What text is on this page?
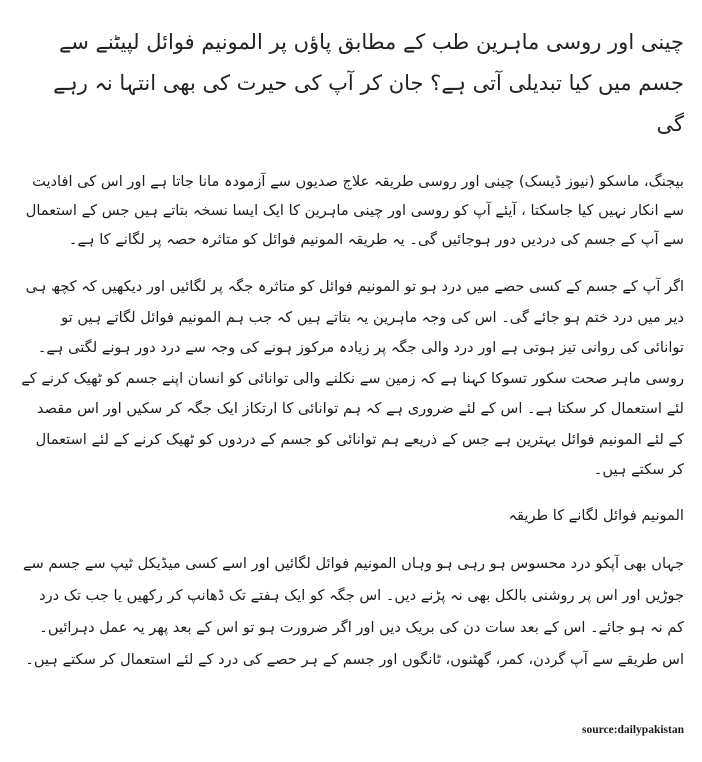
چینی اور روسی ماہرین طب کے مطابق پاؤں پر المونیم فوائل لپیٹنے سے جسم میں کیا تبدیلی آتی ہے؟ جان کر آپ کی حیرت کی بھی انتہا نہ رہے گی

بیجنگ، ماسکو (نیوز ڈیسک) چینی اور روسی طریقہ علاج صدیوں سے آزمودہ مانا جاتا ہے اور اس کی افادیت سے انکار نہیں کیا جاسکتا ، آیئے آپ کو روسی اور چینی ماہرین کا ایک ایسا نسخہ بتاتے ہیں جس کے استعمال سے آپ کے جسم کی دردیں دور ہوجائیں گی۔ یہ طریقہ المونیم فوائل کو متاثرہ حصہ پر لگانے کا ہے۔

اگر آپ کے جسم کے کسی حصے میں درد ہو تو المونیم فوائل کو متاثرہ جگہ پر لگائیں اور دیکھیں کہ کچھ ہی دیر میں درد ختم ہو جائے گی۔ اس کی وجہ ماہرین یہ بتاتے ہیں کہ جب ہم المونیم فوائل لگاتے ہیں تو توانائی کی روانی تیز ہوتی ہے اور درد والی جگہ پر زیادہ مرکوز ہونے کی وجہ سے درد دور ہونے لگتی ہے۔ روسی ماہر صحت سکور تسوکا کہنا ہے کہ زمین سے نکلنے والی توانائی کو انسان اپنے جسم کو ٹھیک کرنے کے لئے استعمال کر سکتا ہے۔ اس کے لئے ضروری ہے کہ ہم توانائی کا ارتکاز ایک جگہ کر سکیں اور اس مقصد کے لئے المونیم فوائل بہترین ہے جس کے ذریعے ہم توانائی کو جسم کے دردوں کو ٹھیک کرنے کے لئے استعمال کر سکتے ہیں۔

المونیم فوائل لگانے کا طریقہ

جہاں بھی آپکو درد محسوس ہو رہی ہو وہاں المونیم فوائل لگائیں اور اسے کسی میڈیکل ٹیپ سے جسم سے جوڑیں اور اس پر روشنی بالکل بھی نہ پڑنے دیں۔ اس جگہ کو ایک ہفتے تک ڈھانپ کر رکھیں یا جب تک درد کم نہ ہو جائے۔ اس کے بعد سات دن کی بریک دیں اور اگر ضرورت ہو تو اس کے بعد پھر یہ عمل دہرائیں۔ اس طریقے سے آپ گردن، کمر، گھٹنوں، ٹانگوں اور جسم کے ہر حصے کی درد کے لئے استعمال کر سکتے ہیں۔

source:dailypakistan
